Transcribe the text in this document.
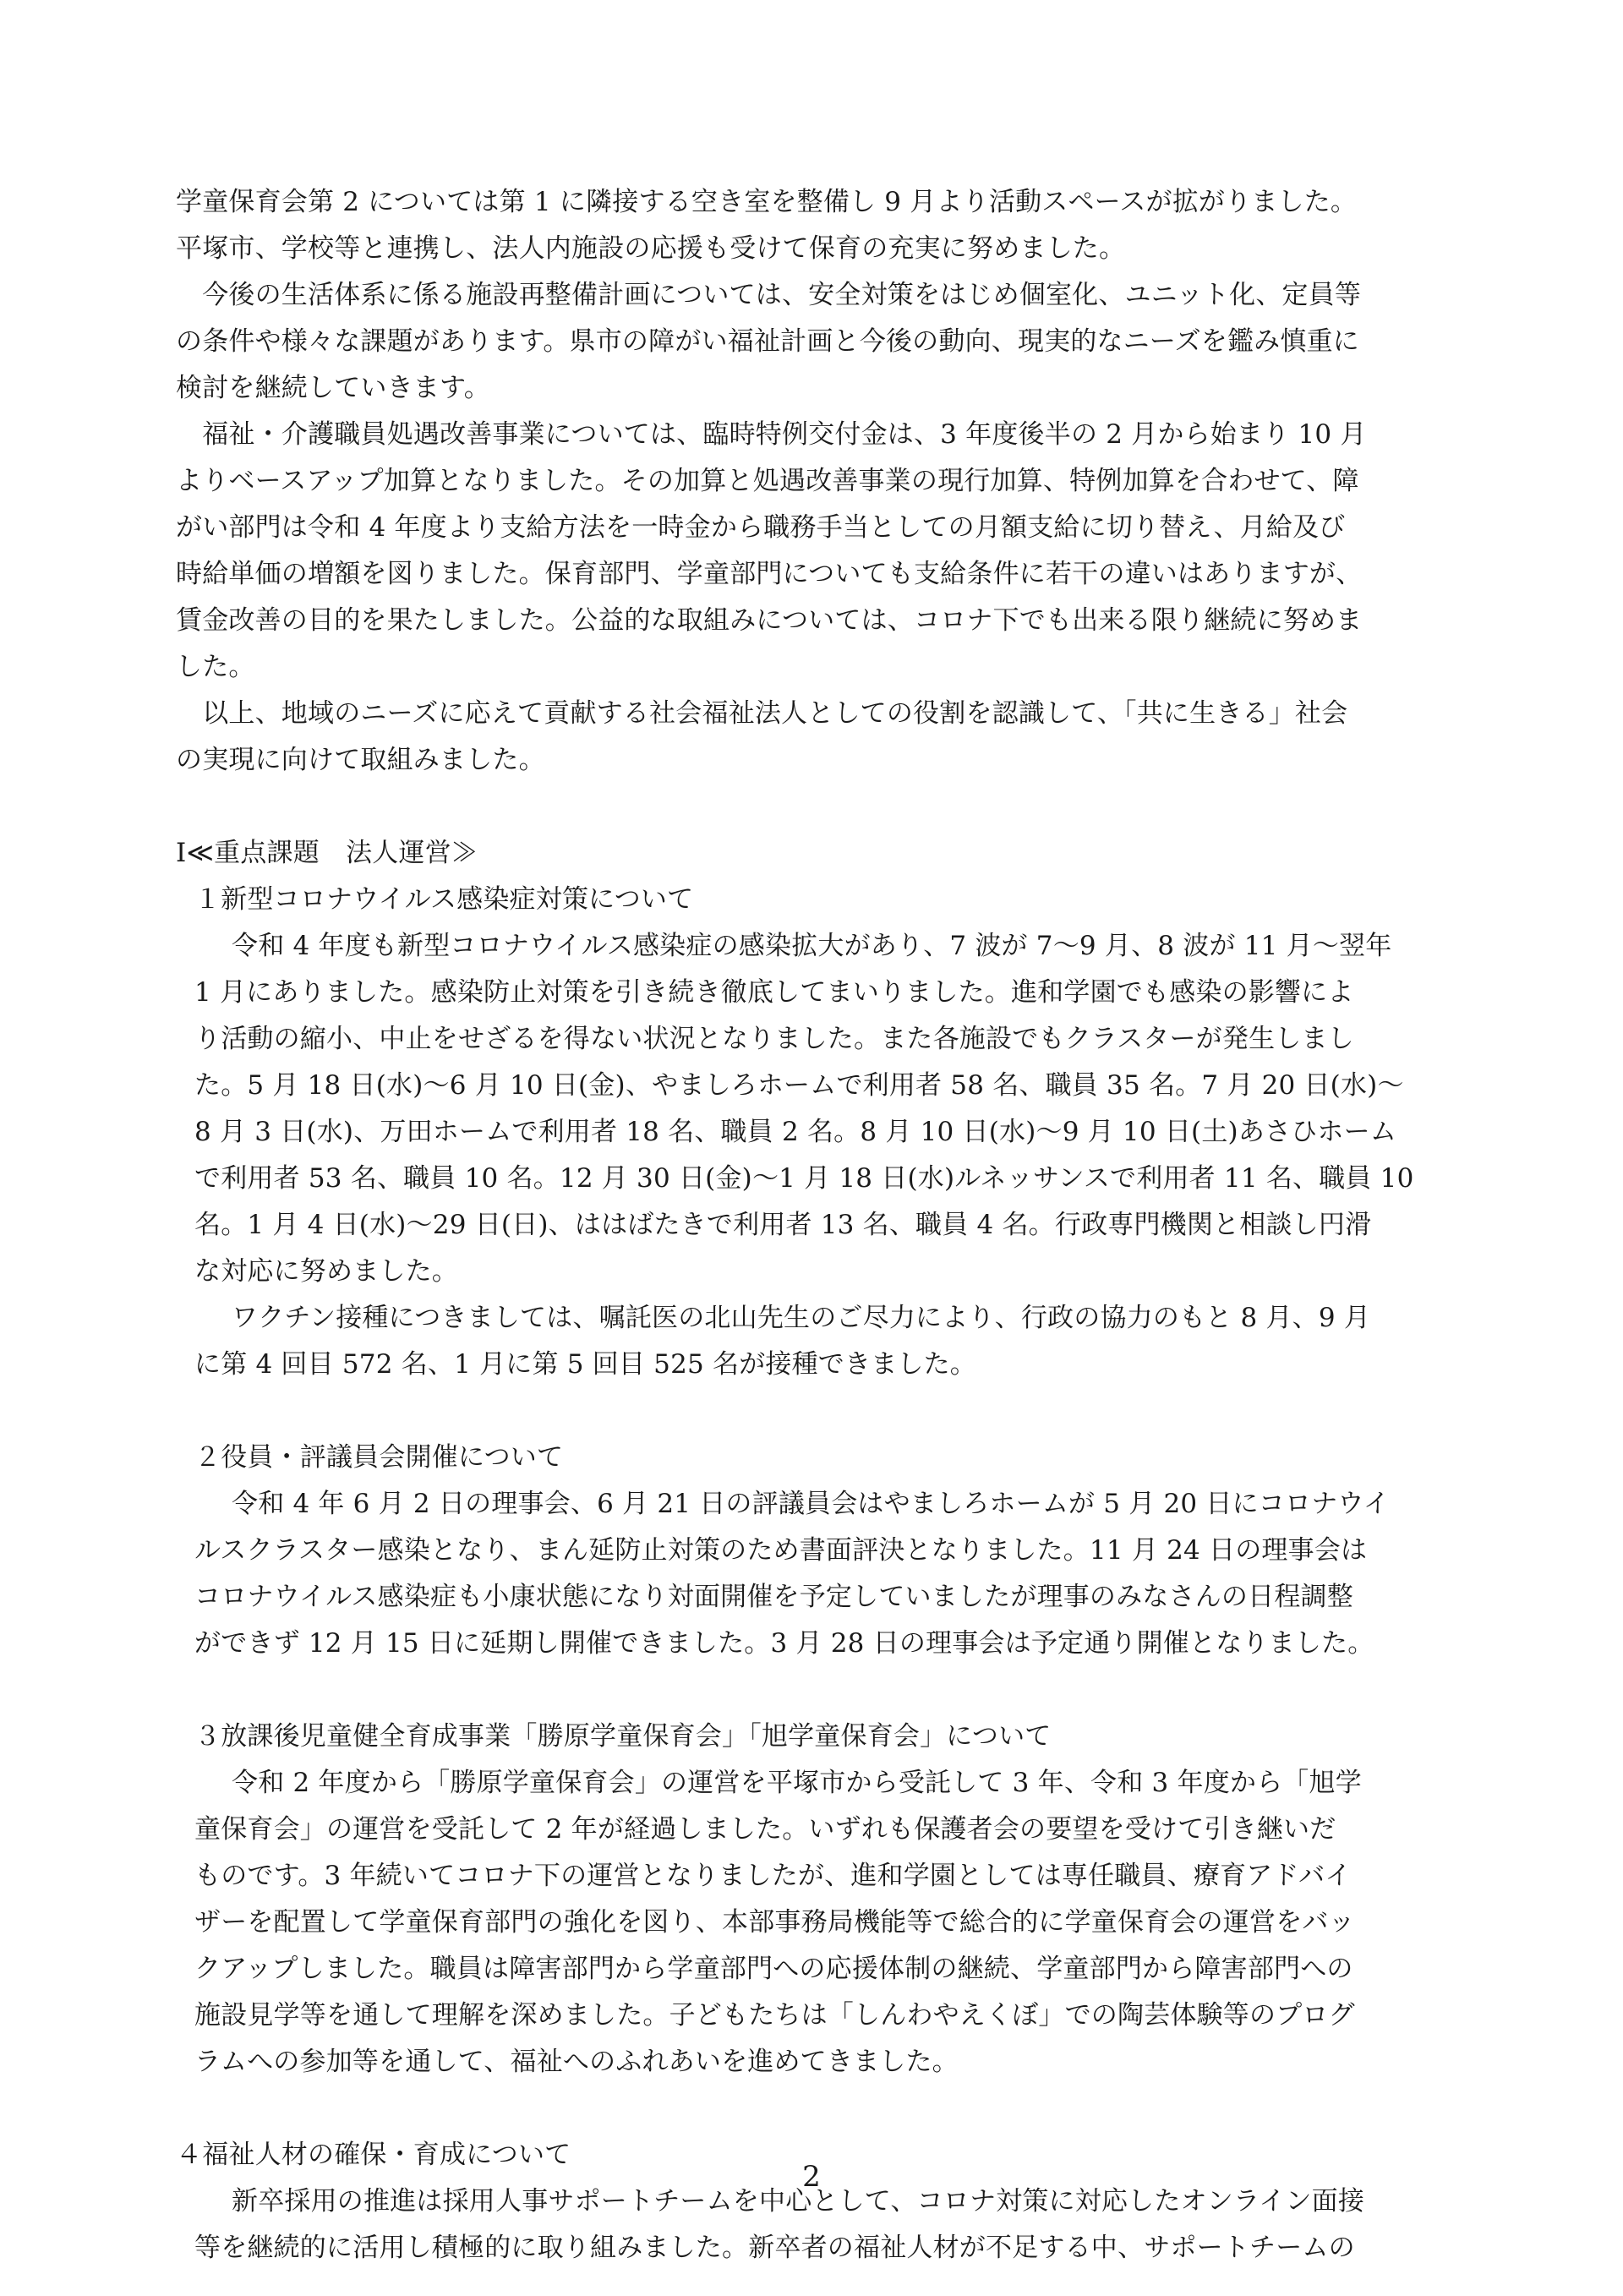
学童保育会第 2 については第 1 に隣接する空き室を整備し 9 月より活動スペースが拡がりました。
平塚市、学校等と連携し、法人内施設の応援も受けて保育の充実に努めました。
　今後の生活体系に係る施設再整備計画については、安全対策をはじめ個室化、ユニット化、定員等
の条件や様々な課題があります。県市の障がい福祉計画と今後の動向、現実的なニーズを鑑み慎重に
検討を継続していきます。
　福祉・介護職員処遇改善事業については、臨時特例交付金は、3 年度後半の 2 月から始まり 10 月
よりベースアップ加算となりました。その加算と処遇改善事業の現行加算、特例加算を合わせて、障
がい部門は令和 4 年度より支給方法を一時金から職務手当としての月額支給に切り替え、月給及び
時給単価の増額を図りました。保育部門、学童部門についても支給条件に若干の違いはありますが、
賃金改善の目的を果たしました。公益的な取組みについては、コロナ下でも出来る限り継続に努めま
した。
　以上、地域のニーズに応えて貢献する社会福祉法人としての役割を認識して、「共に生きる」社会
の実現に向けて取組みました。
Ⅰ≪重点課題　法人運営≫
１新型コロナウイルス感染症対策について
令和 4 年度も新型コロナウイルス感染症の感染拡大があり、7 波が 7〜9 月、8 波が 11 月〜翌年
1 月にありました。感染防止対策を引き続き徹底してまいりました。進和学園でも感染の影響によ
り活動の縮小、中止をせざるを得ない状況となりました。また各施設でもクラスターが発生しまし
た。5 月 18 日(水)〜6 月 10 日(金)、やましろホームで利用者 58 名、職員 35 名。7 月 20 日(水)〜
8 月 3 日(水)、万田ホームで利用者 18 名、職員 2 名。8 月 10 日(水)〜9 月 10 日(土)あさひホーム
で利用者 53 名、職員 10 名。12 月 30 日(金)〜1 月 18 日(水)ルネッサンスで利用者 11 名、職員 10
名。1 月 4 日(水)〜29 日(日)、ははばたきで利用者 13 名、職員 4 名。行政専門機関と相談し円滑
な対応に努めました。
ワクチン接種につきましては、嘱託医の北山先生のご尽力により、行政の協力のもと 8 月、9 月
に第 4 回目 572 名、1 月に第 5 回目 525 名が接種できました。
２役員・評議員会開催について
令和 4 年 6 月 2 日の理事会、6 月 21 日の評議員会はやましろホームが 5 月 20 日にコロナウイ
ルスクラスター感染となり、まん延防止対策のため書面評決となりました。11 月 24 日の理事会は
コロナウイルス感染症も小康状態になり対面開催を予定していましたが理事のみなさんの日程調整
ができず 12 月 15 日に延期し開催できました。3 月 28 日の理事会は予定通り開催となりました。
３放課後児童健全育成事業「勝原学童保育会」「旭学童保育会」について
令和 2 年度から「勝原学童保育会」の運営を平塚市から受託して 3 年、令和 3 年度から「旭学
童保育会」の運営を受託して 2 年が経過しました。いずれも保護者会の要望を受けて引き継いだ
ものです。3 年続いてコロナ下の運営となりましたが、進和学園としては専任職員、療育アドバイ
ザーを配置して学童保育部門の強化を図り、本部事務局機能等で総合的に学童保育会の運営をバッ
クアップしました。職員は障害部門から学童部門への応援体制の継続、学童部門から障害部門への
施設見学等を通して理解を深めました。子どもたちは「しんわやえくぼ」での陶芸体験等のプログ
ラムへの参加等を通して、福祉へのふれあいを進めてきました。
４福祉人材の確保・育成について
新卒採用の推進は採用人事サポートチームを中心として、コロナ対策に対応したオンライン面接
等を継続的に活用し積極的に取り組みました。新卒者の福祉人材が不足する中、サポートチームの
2
